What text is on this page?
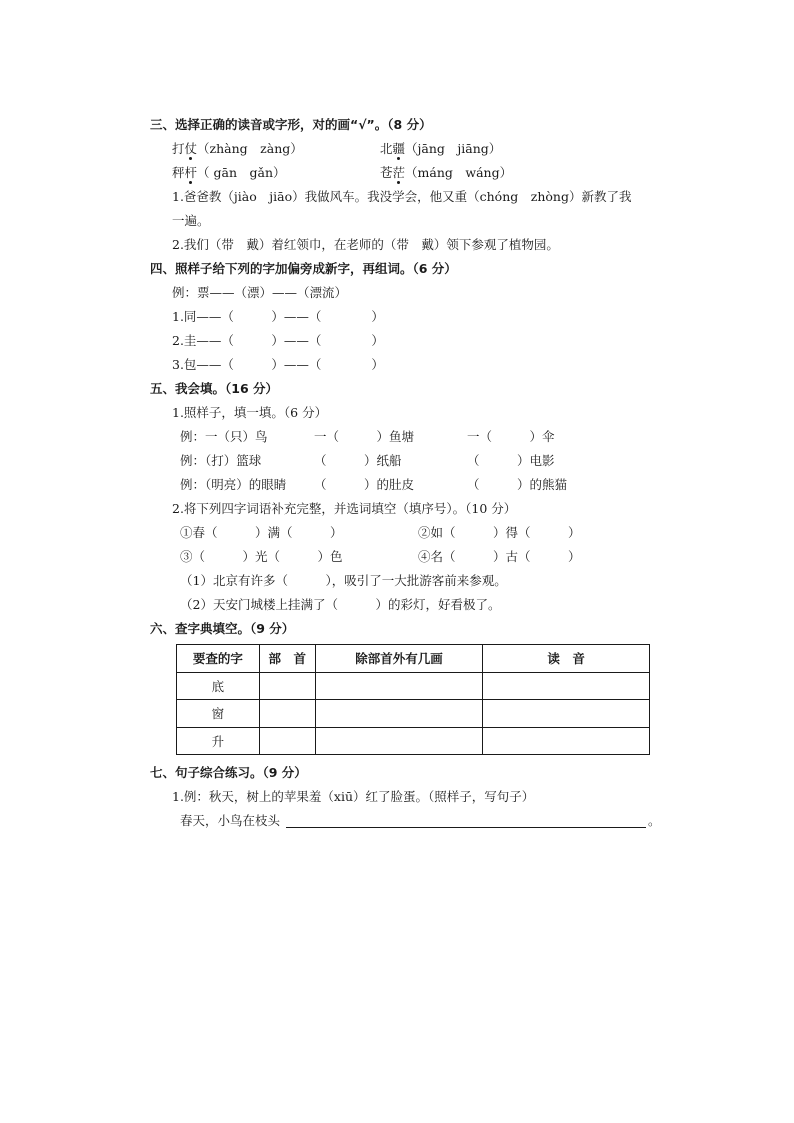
三、选择正确的读音或字形，对的画“√”。（8 分）
打仗（zhàng　zàng）	北疆（jāng　jiāng）
秤杆（ gān　gǎn）	苍茫（máng　wáng）
1.爸爸教（jiào　jiāo）我做风车。我没学会，他又重（chóng　zhòng）新教了我
一遍。
2.我们（带　戴）着红领巾，在老师的（带　戴）领下参观了植物园。
四、照样子给下列的字加偏旁成新字，再组词。（6 分）
例：票——（漂）——（漂流）
1.同——（　　　）——（　　　　）
2.圭——（　　　）——（　　　　）
3.包——（　　　）——（　　　　）
五、我会填。（16 分）
1.照样子，填一填。（6 分）
例：一（只）鸟	一（　　　）鱼塘	一（　　　）伞
例：（打）篮球	（　　　）纸船	（　　　）电影
例：（明亮）的眼睛 （　　　）的肚皮	（　　　）的熊猫
2.将下列四字词语补充完整，并选词填空（填序号）。（10 分）
①春（　　　）满（　　　）	②如（　　　）得（　　　）
③（　　　）光（　　　）色	④名（　　　）古（　　　）
（1）北京有许多（　　　），吸引了一大批游客前来参观。
（2）天安门城楼上挂满了（　　　）的彩灯，好看极了。
六、查字典填空。（9 分）
要查的字	部　首	除部首外有几画	读　音
底			
窗			
升			
七、句子综合练习。（9 分）
1.例：秋天，树上的苹果羞（xiū）红了脸蛋。（照样子，写句子）
春天，小鸟在枝头	。
